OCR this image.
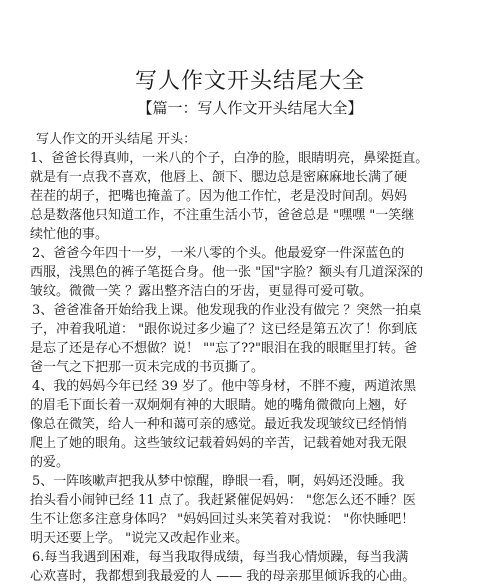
写人作文开头结尾大全
【篇一：写人作文开头结尾大全】
写人作文的开头结尾 开头：
1、爸爸长得真帅，一米八的个子，白净的脸，眼睛明亮，鼻梁挺直。
就是有一点我不喜欢，他唇上、颌下、腮边总是密麻麻地长满了硬
茬茬的胡子，把嘴也掩盖了。因为他工作忙，老是没时间刮。妈妈
总是数落他只知道工作，不注重生活小节，爸爸总是 "嘿嘿 "一笑继
续忙他的事。
2、爸爸今年四十一岁，一米八零的个头。他最爱穿一件深蓝色的
西服，浅黑色的裤子笔挺合身。他一张 "国"字脸？额头有几道深深的
皱纹。微微一笑 ？露出整齐洁白的牙齿，更显得可爱可敬。
3、爸爸准备开始给我上课。他发现我的作业没有做完 ？突然一拍桌
子，冲着我吼道： "跟你说过多少遍了？这已经是第五次了！你到底
是忘了还是存心不想做？说！ ""忘了??"眼泪在我的眼眶里打转。爸
爸一气之下把那一页未完成的书页撕了。
4、我的妈妈今年已经 39 岁了。他中等身材，不胖不瘦，两道浓黑
的眉毛下面长着一双炯炯有神的大眼睛。她的嘴角微微向上翘，好
像总在微笑，给人一种和蔼可亲的感觉。最近我发现皱纹已经悄悄
爬上了她的眼角。这些皱纹记载着妈妈的辛苦，记载着她对我无限
的爱。
5、一阵咳嗽声把我从梦中惊醒，睁眼一看，啊，妈妈还没睡。我
抬头看小闹钟已经 11 点了。我赶紧催促妈妈： "您怎么还不睡？医
生不让您多注意身体吗？ "妈妈回过头来笑着对我说： "你快睡吧！
明天还要上学。 "说完又改起作业来。
6.每当我遇到困难，每当我取得成绩，每当我心情烦躁，每当我满
心欢喜时，我都想到我最爱的人 —— 我的母亲那里倾诉我的心曲。
